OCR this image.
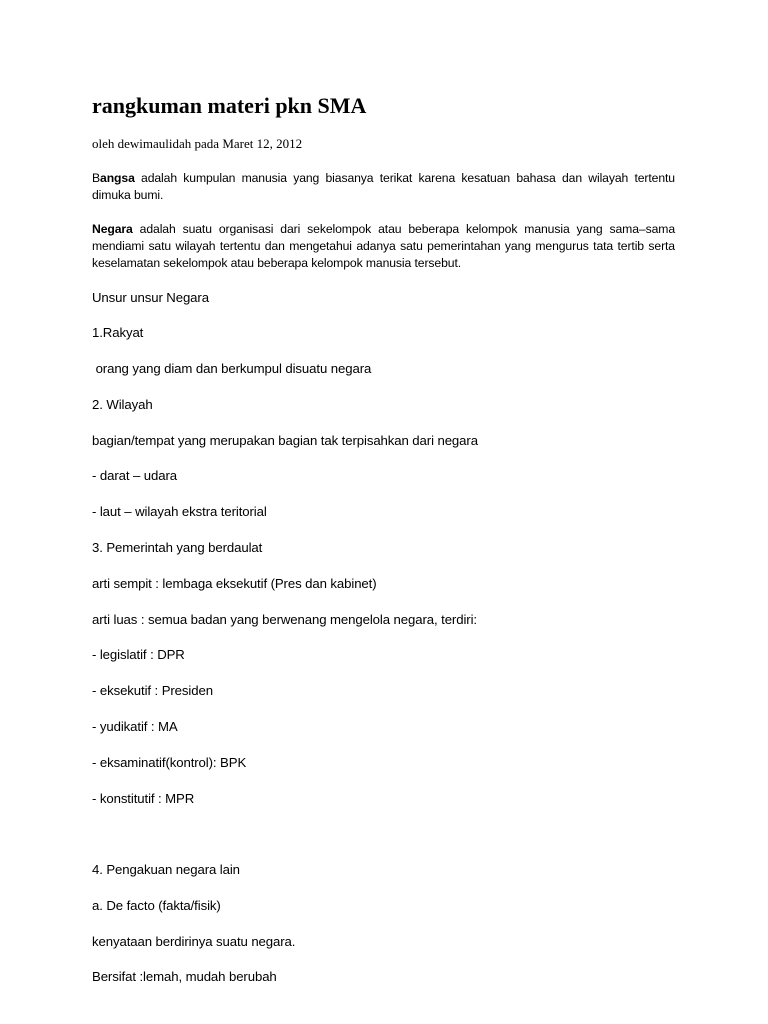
rangkuman materi pkn SMA

oleh dewimaulidah pada Maret 12, 2012

Bangsa adalah kumpulan manusia yang biasanya terikat karena kesatuan bahasa dan wilayah tertentu dimuka bumi.

Negara adalah suatu organisasi dari sekelompok atau beberapa kelompok manusia yang sama–sama mendiami satu wilayah tertentu dan mengetahui adanya satu pemerintahan yang mengurus tata tertib serta keselamatan sekelompok atau beberapa kelompok manusia tersebut.

Unsur unsur Negara

1.Rakyat

orang yang diam dan berkumpul disuatu negara

2. Wilayah

bagian/tempat yang merupakan bagian tak terpisahkan dari negara

- darat – udara

- laut – wilayah ekstra teritorial

3. Pemerintah yang berdaulat

arti sempit : lembaga eksekutif (Pres dan kabinet)

arti luas : semua badan yang berwenang mengelola negara, terdiri:

- legislatif : DPR

- eksekutif : Presiden

- yudikatif : MA

- eksaminatif(kontrol): BPK

- konstitutif : MPR

4. Pengakuan negara lain

a. De facto (fakta/fisik)

kenyataan berdirinya suatu negara.

Bersifat :lemah, mudah berubah
